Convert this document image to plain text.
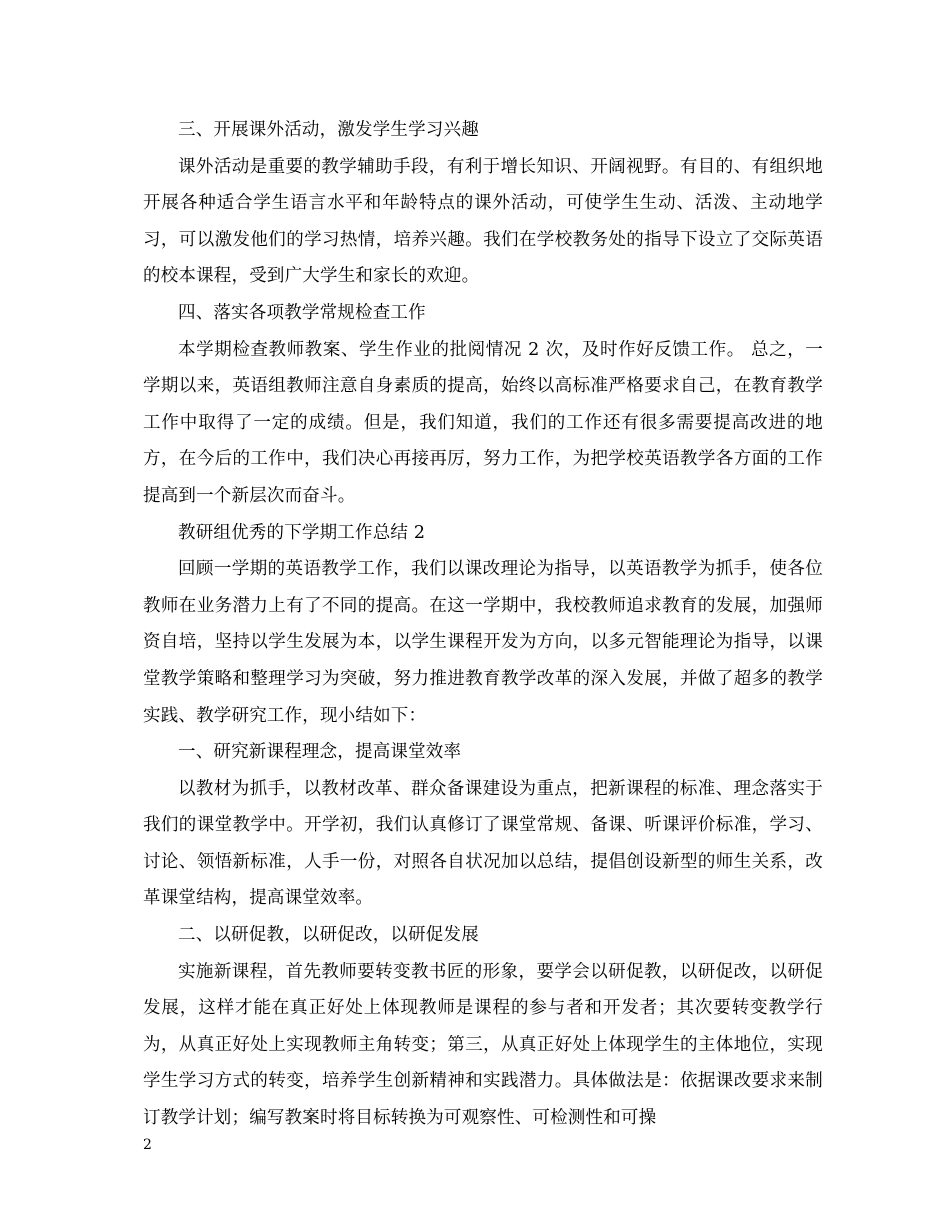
三、开展课外活动，激发学生学习兴趣

课外活动是重要的教学辅助手段，有利于增长知识、开阔视野。有目的、有组织地开展各种适合学生语言水平和年龄特点的课外活动，可使学生生动、活泼、主动地学习，可以激发他们的学习热情，培养兴趣。我们在学校教务处的指导下设立了交际英语的校本课程，受到广大学生和家长的欢迎。

四、落实各项教学常规检查工作

本学期检查教师教案、学生作业的批阅情况 2 次，及时作好反馈工作。 总之，一学期以来，英语组教师注意自身素质的提高，始终以高标准严格要求自己，在教育教学工作中取得了一定的成绩。但是，我们知道，我们的工作还有很多需要提高改进的地方，在今后的工作中，我们决心再接再厉，努力工作，为把学校英语教学各方面的工作提高到一个新层次而奋斗。

教研组优秀的下学期工作总结 2

回顾一学期的英语教学工作，我们以课改理论为指导，以英语教学为抓手，使各位教师在业务潜力上有了不同的提高。在这一学期中，我校教师追求教育的发展，加强师资自培，坚持以学生发展为本，以学生课程开发为方向，以多元智能理论为指导，以课堂教学策略和整理学习为突破，努力推进教育教学改革的深入发展，并做了超多的教学实践、教学研究工作，现小结如下：

一、研究新课程理念，提高课堂效率

以教材为抓手，以教材改革、群众备课建设为重点，把新课程的标准、理念落实于我们的课堂教学中。开学初，我们认真修订了课堂常规、备课、听课评价标准，学习、讨论、领悟新标准，人手一份，对照各自状况加以总结，提倡创设新型的师生关系，改革课堂结构，提高课堂效率。

二、以研促教，以研促改，以研促发展

实施新课程，首先教师要转变教书匠的形象，要学会以研促教，以研促改，以研促发展，这样才能在真正好处上体现教师是课程的参与者和开发者；其次要转变教学行为，从真正好处上实现教师主角转变；第三，从真正好处上体现学生的主体地位，实现学生学习方式的转变，培养学生创新精神和实践潜力。具体做法是：依据课改要求来制订教学计划；编写教案时将目标转换为可观察性、可检测性和可操

2
